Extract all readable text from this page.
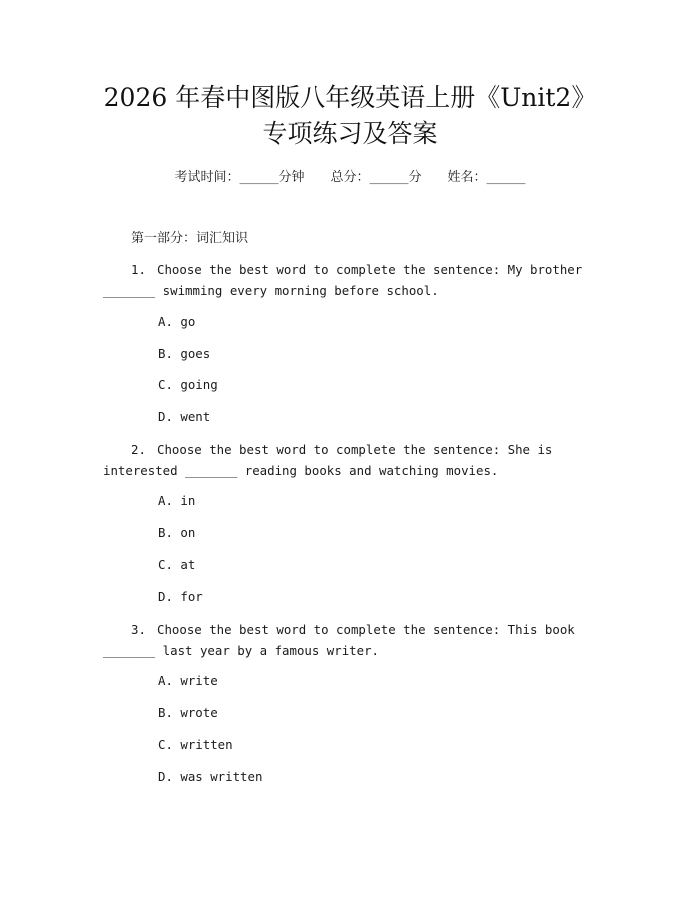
2026 年春中图版八年级英语上册《Unit2》
专项练习及答案
考试时间：______分钟 总分：______分 姓名：______
第一部分：词汇知识
1. Choose the best word to complete the sentence: My brother _______ swimming every morning before school.
A. go
B. goes
C. going
D. went
2. Choose the best word to complete the sentence: She is interested _______ reading books and watching movies.
A. in
B. on
C. at
D. for
3. Choose the best word to complete the sentence: This book _______ last year by a famous writer.
A. write
B. wrote
C. written
D. was written
